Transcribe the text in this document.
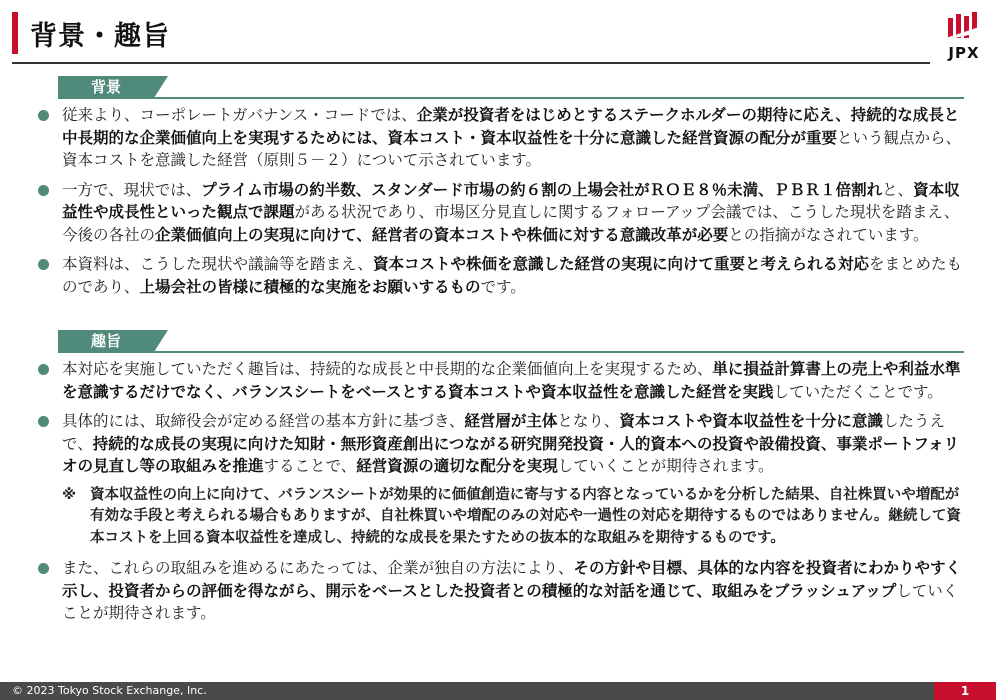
背景・趣旨
JPX
背景
従来より、コーポレートガバナンス・コードでは、企業が投資者をはじめとするステークホルダーの期待に応え、持続的な成長と中長期的な企業価値向上を実現するためには、資本コスト・資本収益性を十分に意識した経営資源の配分が重要という観点から、資本コストを意識した経営（原則５－２）について示されています。
一方で、現状では、プライム市場の約半数、スタンダード市場の約６割の上場会社がＲＯＥ８％未満、ＰＢＲ１倍割れと、資本収益性や成長性といった観点で課題がある状況であり、市場区分見直しに関するフォローアップ会議では、こうした現状を踏まえ、今後の各社の企業価値向上の実現に向けて、経営者の資本コストや株価に対する意識改革が必要との指摘がなされています。
本資料は、こうした現状や議論等を踏まえ、資本コストや株価を意識した経営の実現に向けて重要と考えられる対応をまとめたものであり、上場会社の皆様に積極的な実施をお願いするものです。
趣旨
本対応を実施していただく趣旨は、持続的な成長と中長期的な企業価値向上を実現するため、単に損益計算書上の売上や利益水準を意識するだけでなく、バランスシートをベースとする資本コストや資本収益性を意識した経営を実践していただくことです。
具体的には、取締役会が定める経営の基本方針に基づき、経営層が主体となり、資本コストや資本収益性を十分に意識したうえで、持続的な成長の実現に向けた知財・無形資産創出につながる研究開発投資・人的資本への投資や設備投資、事業ポートフォリオの見直し等の取組みを推進することで、経営資源の適切な配分を実現していくことが期待されます。
※ 資本収益性の向上に向けて、バランスシートが効果的に価値創造に寄与する内容となっているかを分析した結果、自社株買いや増配が有効な手段と考えられる場合もありますが、自社株買いや増配のみの対応や一過性の対応を期待するものではありません。継続して資本コストを上回る資本収益性を達成し、持続的な成長を果たすための抜本的な取組みを期待するものです。
また、これらの取組みを進めるにあたっては、企業が独自の方法により、その方針や目標、具体的な内容を投資者にわかりやすく示し、投資者からの評価を得ながら、開示をベースとした投資者との積極的な対話を通じて、取組みをブラッシュアップしていくことが期待されます。
© 2023 Tokyo Stock Exchange, Inc.	1
